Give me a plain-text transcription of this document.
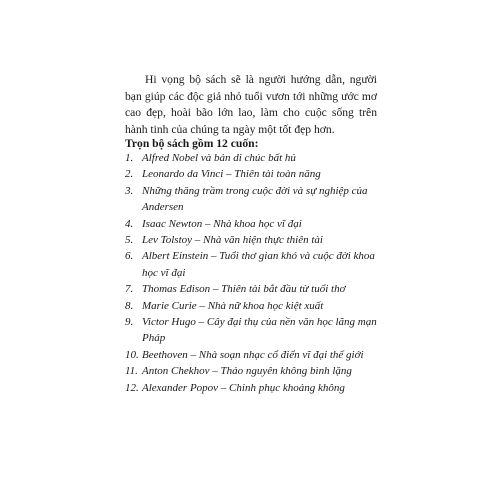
Hi vọng bộ sách sẽ là người hướng dẫn, người bạn giúp các độc giả nhỏ tuổi vươn tới những ước mơ cao đẹp, hoài bão lớn lao, làm cho cuộc sống trên hành tinh của chúng ta ngày một tốt đẹp hơn.

Trọn bộ sách gồm 12 cuốn:

1. Alfred Nobel và bản di chúc bất hủ
2. Leonardo da Vinci – Thiên tài toàn năng
3. Những thăng trầm trong cuộc đời và sự nghiệp của Andersen
4. Isaac Newton – Nhà khoa học vĩ đại
5. Lev Tolstoy – Nhà văn hiện thực thiên tài
6. Albert Einstein – Tuổi thơ gian khó và cuộc đời khoa học vĩ đại
7. Thomas Edison – Thiên tài bắt đầu từ tuổi thơ
8. Marie Curie – Nhà nữ khoa học kiệt xuất
9. Victor Hugo – Cây đại thụ của nền văn học lãng mạn Pháp
10. Beethoven – Nhà soạn nhạc cổ điển vĩ đại thế giới
11. Anton Chekhov – Thảo nguyên không bình lặng
12. Alexander Popov – Chinh phục khoảng không
